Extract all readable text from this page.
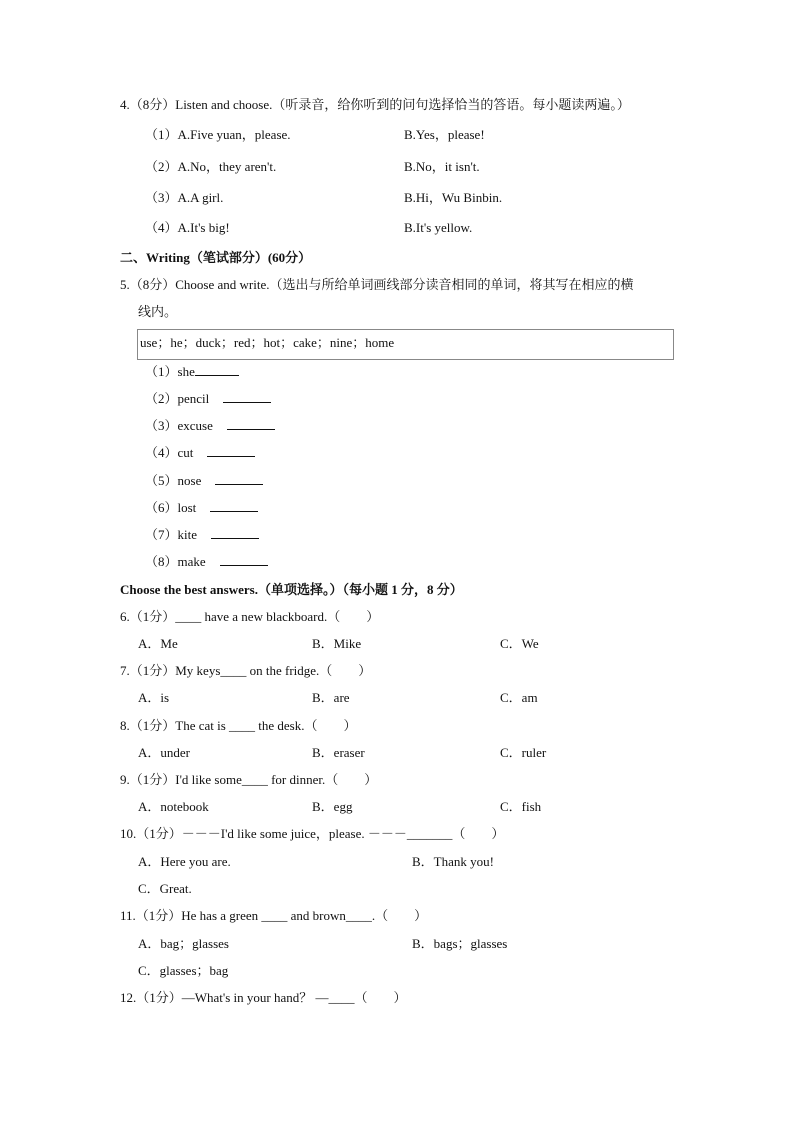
4.（8分）Listen and choose.（听录音，给你听到的问句选择恰当的答语。每小题读两遍。）
（1）A.Five yuan，please.	B.Yes，please!
（2）A.No，they aren't.	B.No，it isn't.
（3）A.A girl.	B.Hi，Wu Binbin.
（4）A.It's big!	B.It's yellow.
二、Writing（笔试部分）(60分）
5.（8分）Choose and write.（选出与所给单词画线部分读音相同的单词，将其写在相应的横
线内。
use；he；duck；red；hot；cake；nine；home
（1）she
（2）pencil
（3）excuse
（4）cut
（5）nose
（6）lost
（7）kite
（8）make
Choose the best answers.（单项选择。）（每小题 1 分，8 分）
6.（1分）____ have a new blackboard.（　　）
A．Me	B．Mike	C．We
7.（1分）My keys____ on the fridge.（　　）
A．is	B．are	C．am
8.（1分）The cat is ____ the desk.（　　）
A．under	B．eraser	C．ruler
9.（1分）I'd like some____ for dinner.（　　）
A．notebook	B．egg	C．fish
10.（1分）－－－I'd like some juice，please. －－－_______（　　）
A．Here you are.	B．Thank you!
C．Great.
11.（1分）He has a green ____ and brown____.（　　）
A．bag；glasses	B．bags；glasses
C．glasses；bag
12.（1分）—What's in your hand？ —____（　　）
